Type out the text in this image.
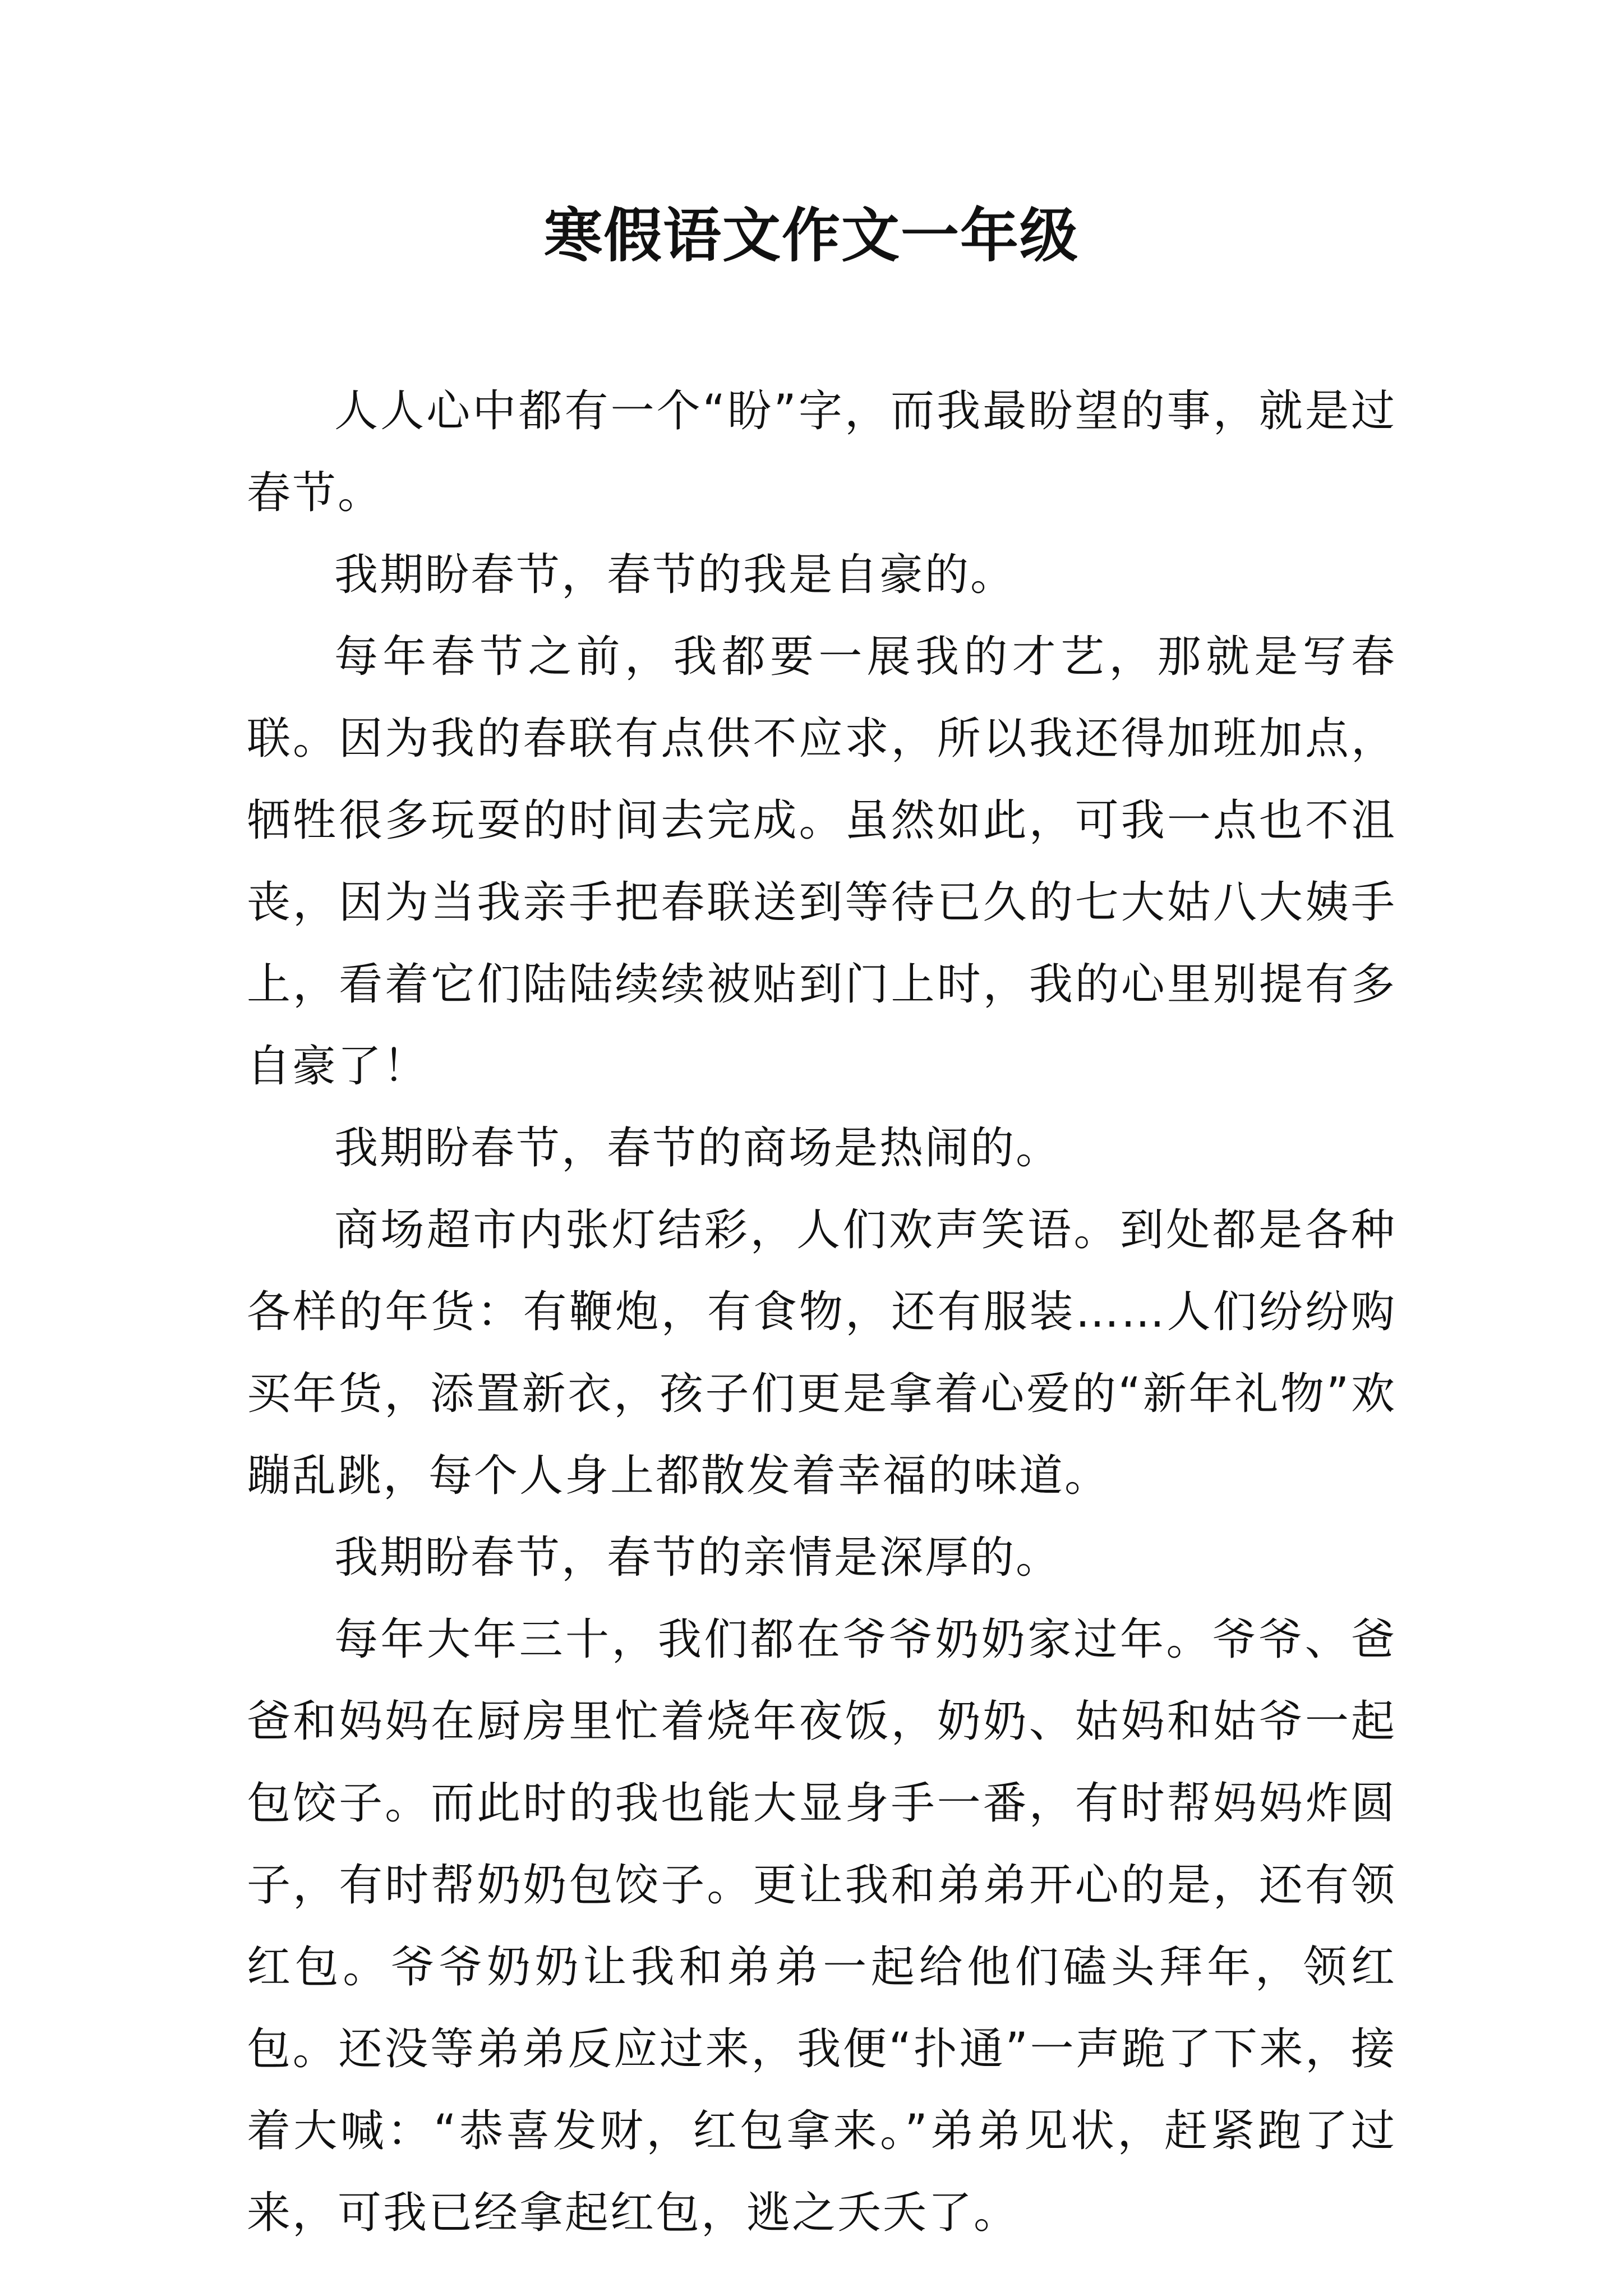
寒假语文作文一年级

人人心中都有一个“盼”字，而我最盼望的事，就是过春节。

我期盼春节，春节的我是自豪的。

每年春节之前，我都要一展我的才艺，那就是写春联。因为我的春联有点供不应求，所以我还得加班加点，牺牲很多玩耍的时间去完成。虽然如此，可我一点也不沮丧，因为当我亲手把春联送到等待已久的七大姑八大姨手上，看着它们陆陆续续被贴到门上时，我的心里别提有多自豪了！

我期盼春节，春节的商场是热闹的。

商场超市内张灯结彩，人们欢声笑语。到处都是各种各样的年货：有鞭炮，有食物，还有服装……人们纷纷购买年货，添置新衣，孩子们更是拿着心爱的“新年礼物”欢蹦乱跳，每个人身上都散发着幸福的味道。

我期盼春节，春节的亲情是深厚的。

每年大年三十，我们都在爷爷奶奶家过年。爷爷、爸爸和妈妈在厨房里忙着烧年夜饭，奶奶、姑妈和姑爷一起包饺子。而此时的我也能大显身手一番，有时帮妈妈炸圆子，有时帮奶奶包饺子。更让我和弟弟开心的是，还有领红包。爷爷奶奶让我和弟弟一起给他们磕头拜年，领红包。还没等弟弟反应过来，我便“扑通”一声跪了下来，接着大喊：“恭喜发财，红包拿来。”弟弟见状，赶紧跑了过来，可我已经拿起红包，逃之夭夭了。
